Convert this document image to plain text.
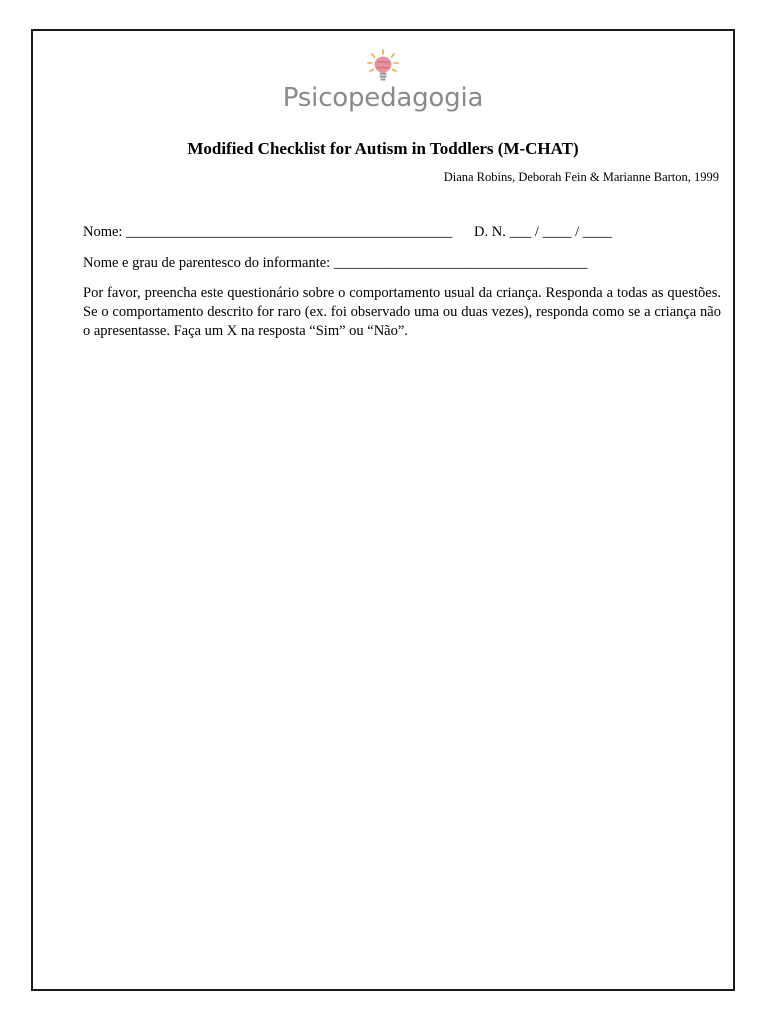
Psicopedagogia
Modified Checklist for Autism in Toddlers (M-CHAT)
Diana Robins, Deborah Fein & Marianne Barton, 1999
Nome: _____________________________________________ D. N. ___ / ____ / ____
Nome e grau de parentesco do informante: ___________________________________

Por favor, preencha este questionário sobre o comportamento usual da criança. Responda a todas as questões. Se o comportamento descrito for raro (ex. foi observado uma ou duas vezes), responda como se a criança não o apresentasse. Faça um X na resposta “Sim” ou “Não”.
